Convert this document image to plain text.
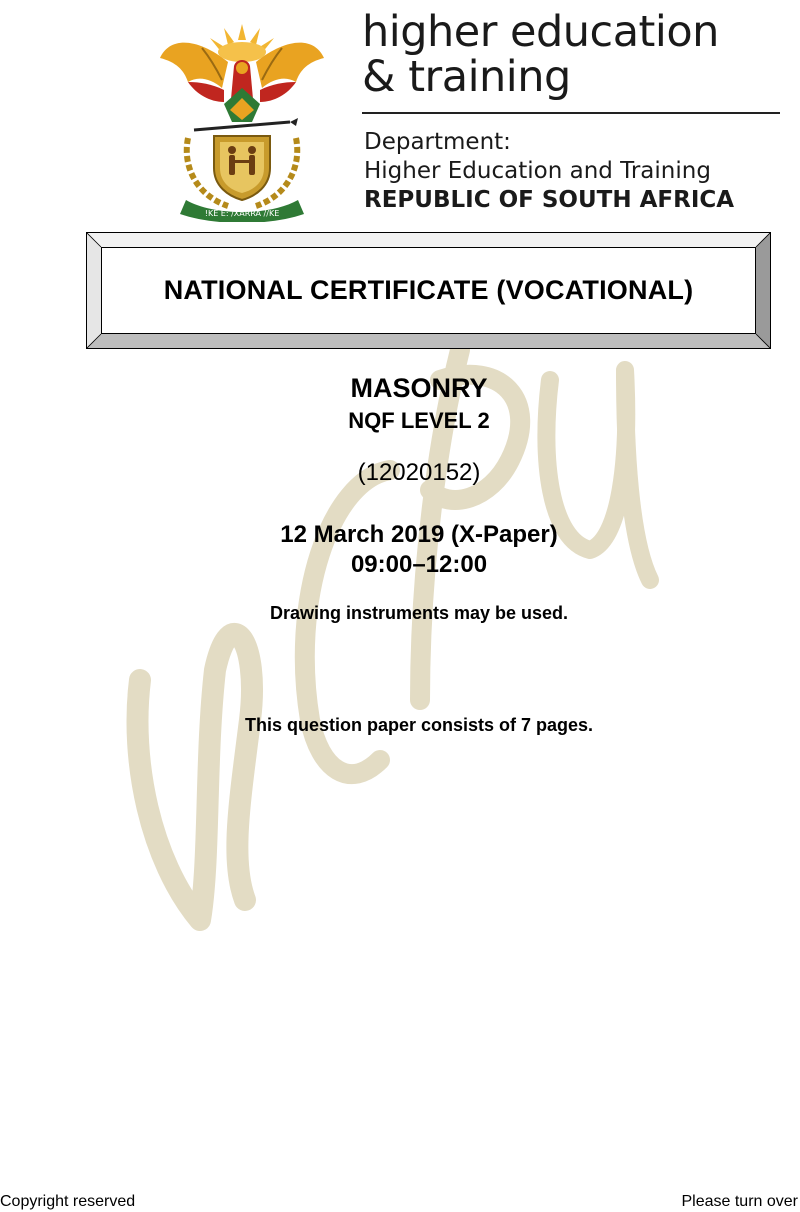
!KE E: /XARRA //KE
higher education
& training
Department:
Higher Education and Training
REPUBLIC OF SOUTH AFRICA
NATIONAL CERTIFICATE (VOCATIONAL)
MASONRY
NQF LEVEL 2
(12020152)
12 March 2019 (X-Paper)
09:00–12:00
Drawing instruments may be used.
This question paper consists of 7 pages.
Copyright reserved	Please turn over
